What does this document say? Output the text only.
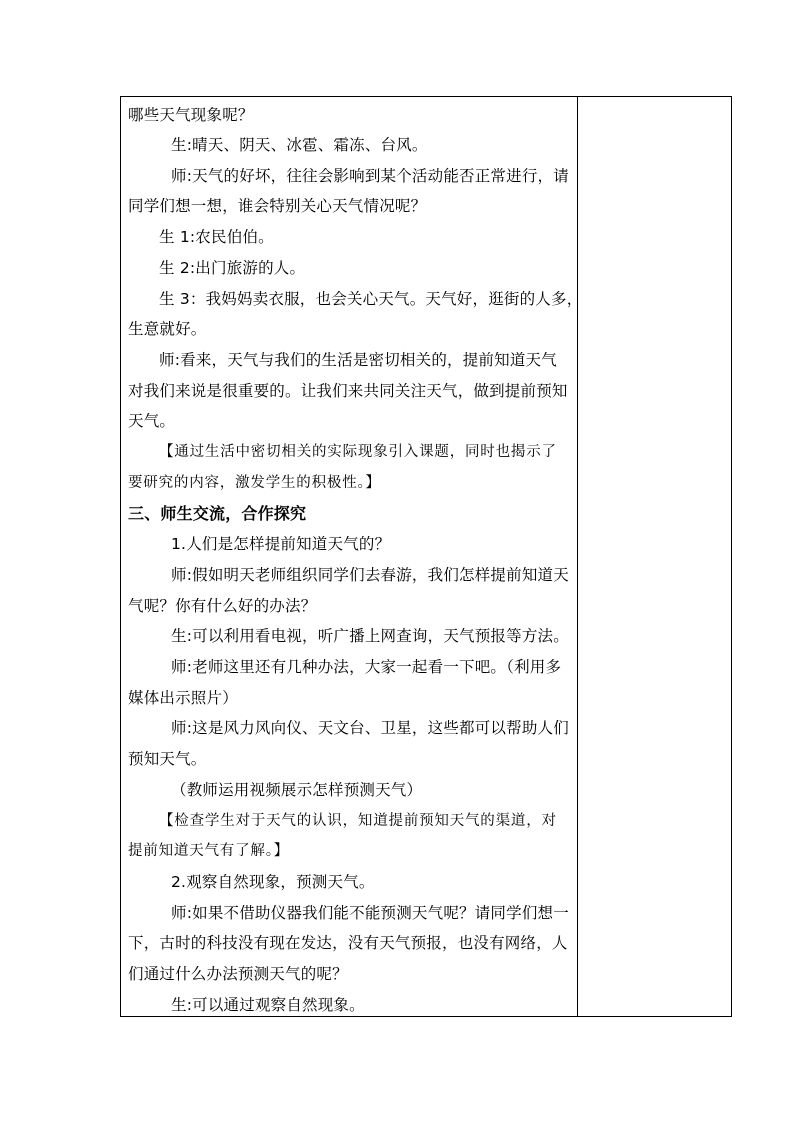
哪些天气现象呢？
生:晴天、阴天、冰雹、霜冻、台风。
师:天气的好坏，往往会影响到某个活动能否正常进行，请
同学们想一想，谁会特别关心天气情况呢？
生 1:农民伯伯。
生 2:出门旅游的人。
生 3：我妈妈卖衣服，也会关心天气。天气好，逛街的人多，
生意就好。
师:看来，天气与我们的生活是密切相关的，提前知道天气
对我们来说是很重要的。让我们来共同关注天气，做到提前预知
天气。
【通过生活中密切相关的实际现象引入课题，同时也揭示了
要研究的内容，激发学生的积极性。】
三、师生交流，合作探究
1.人们是怎样提前知道天气的？
师:假如明天老师组织同学们去春游，我们怎样提前知道天
气呢？你有什么好的办法？
生:可以利用看电视，听广播上网查询，天气预报等方法。
师:老师这里还有几种办法，大家一起看一下吧。（利用多
媒体出示照片）
师:这是风力风向仪、天文台、卫星，这些都可以帮助人们
预知天气。
（教师运用视频展示怎样预测天气）
【检查学生对于天气的认识，知道提前预知天气的渠道，对
提前知道天气有了解。】
2.观察自然现象，预测天气。
师:如果不借助仪器我们能不能预测天气呢？请同学们想一
下，古时的科技没有现在发达，没有天气预报，也没有网络，人
们通过什么办法预测天气的呢？
生:可以通过观察自然现象。
